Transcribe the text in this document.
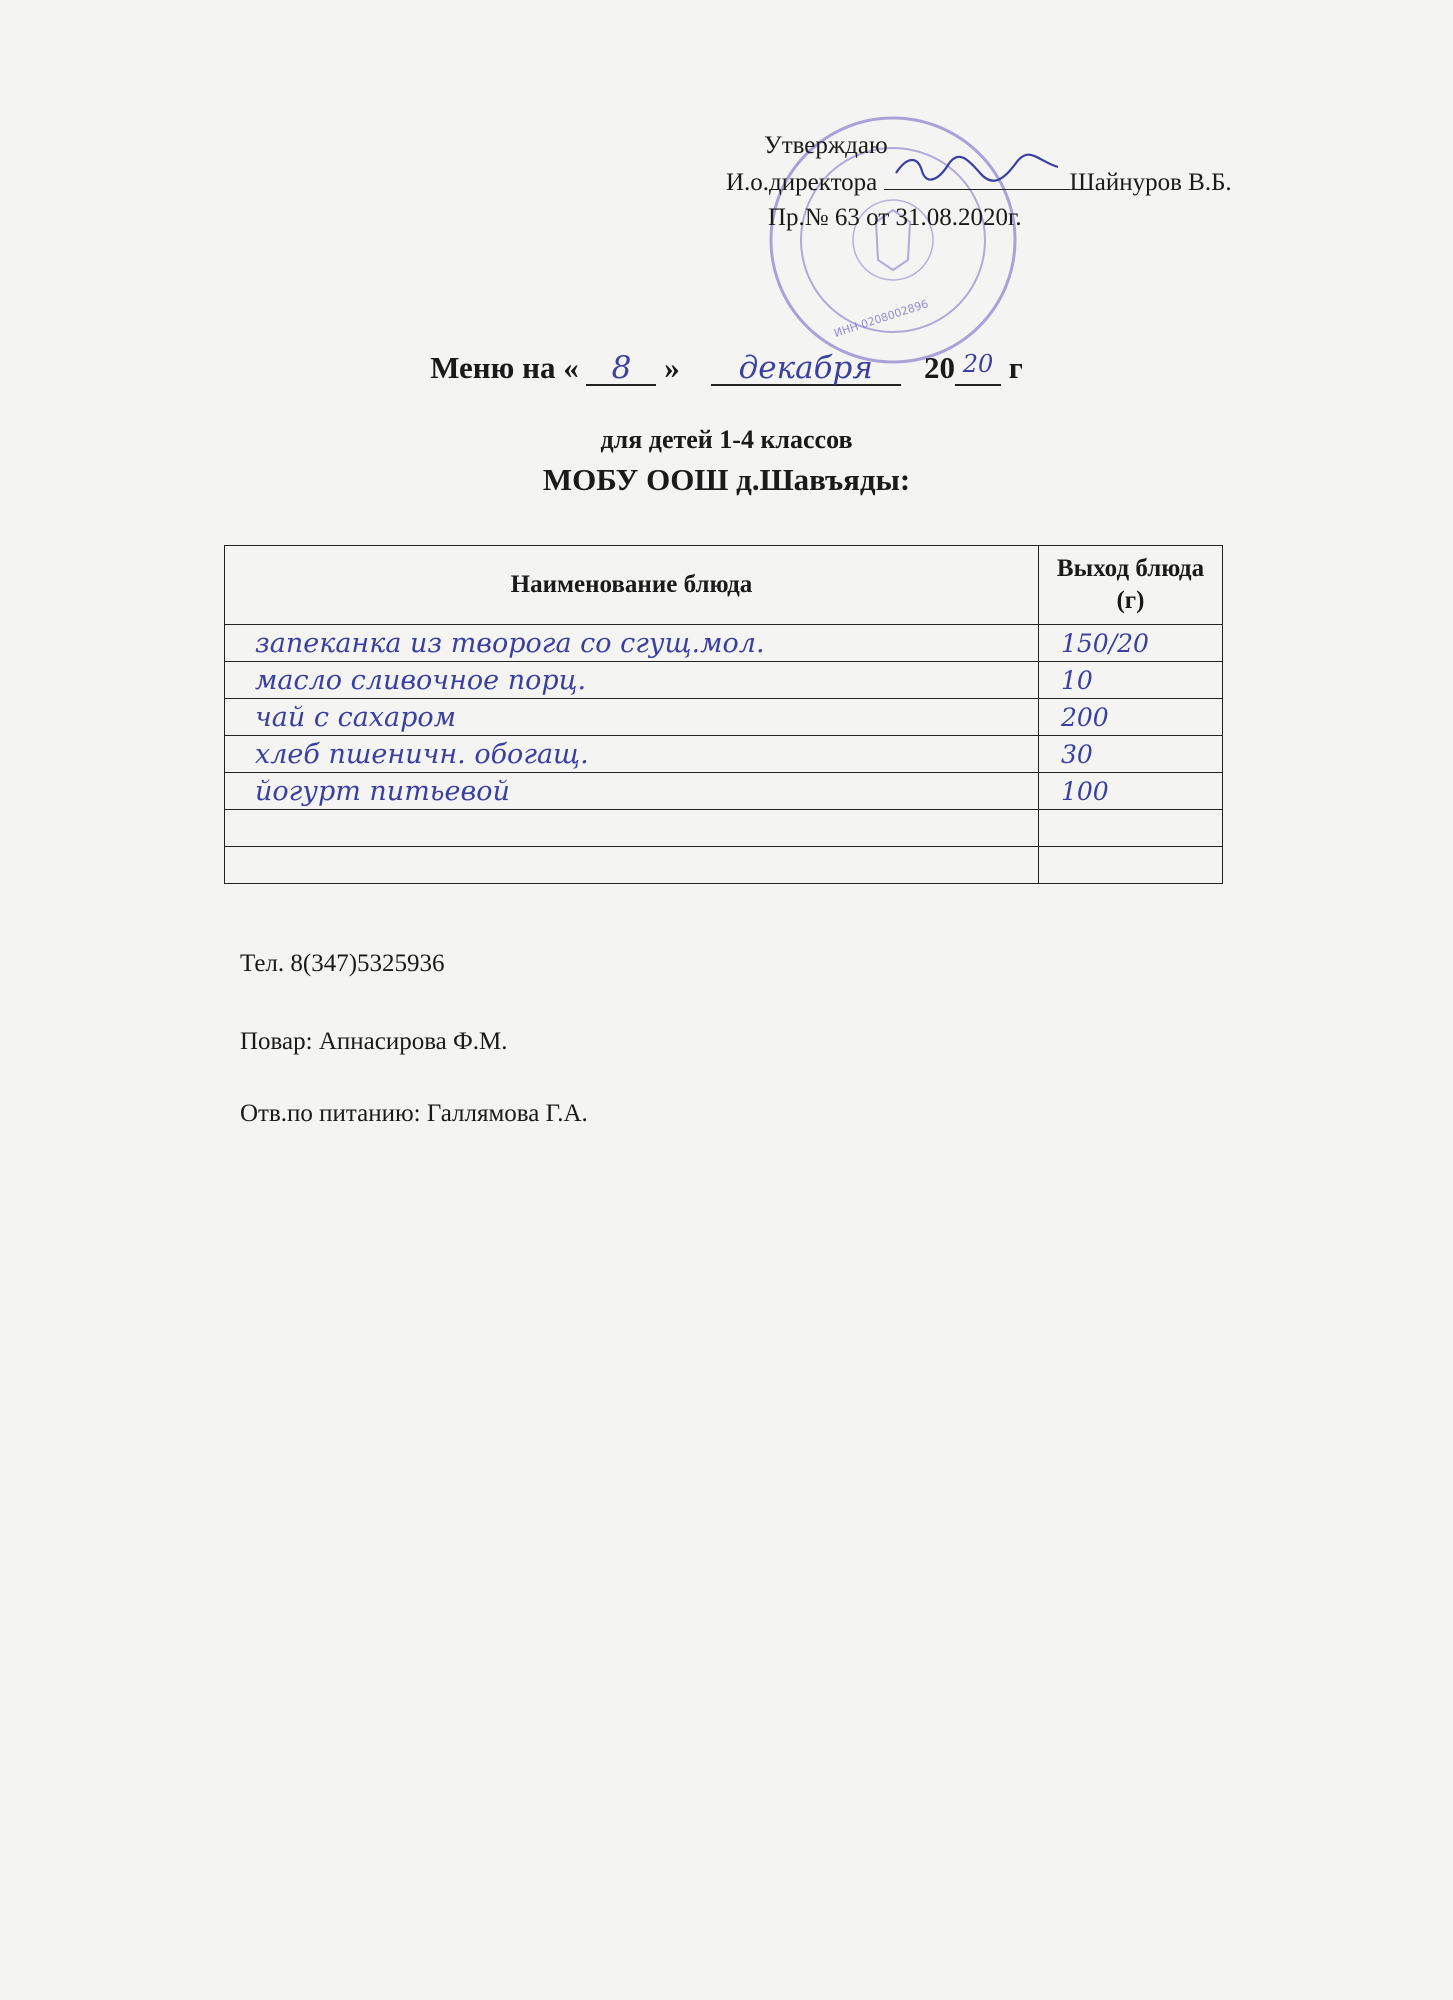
ИНН 0208002896
Утверждаю
И.о.директора	Шайнуров В.Б.
Пр.№ 63 от 31.08.2020г.
Меню на « 8 » декабря 20 20 г
для детей 1-4 классов
МОБУ ООШ д.Шавъяды:
Наименование блюда	Выход блюда (г)
запеканка из творога со сгущ.мол.	150/20
масло сливочное порц.	10
чай с сахаром	200
хлеб пшеничн. обогащ.	30
йогурт питьевой	100

Тел. 8(347)5325936
Повар: Апнасирова Ф.М.
Отв.по питанию: Галлямова Г.А.
